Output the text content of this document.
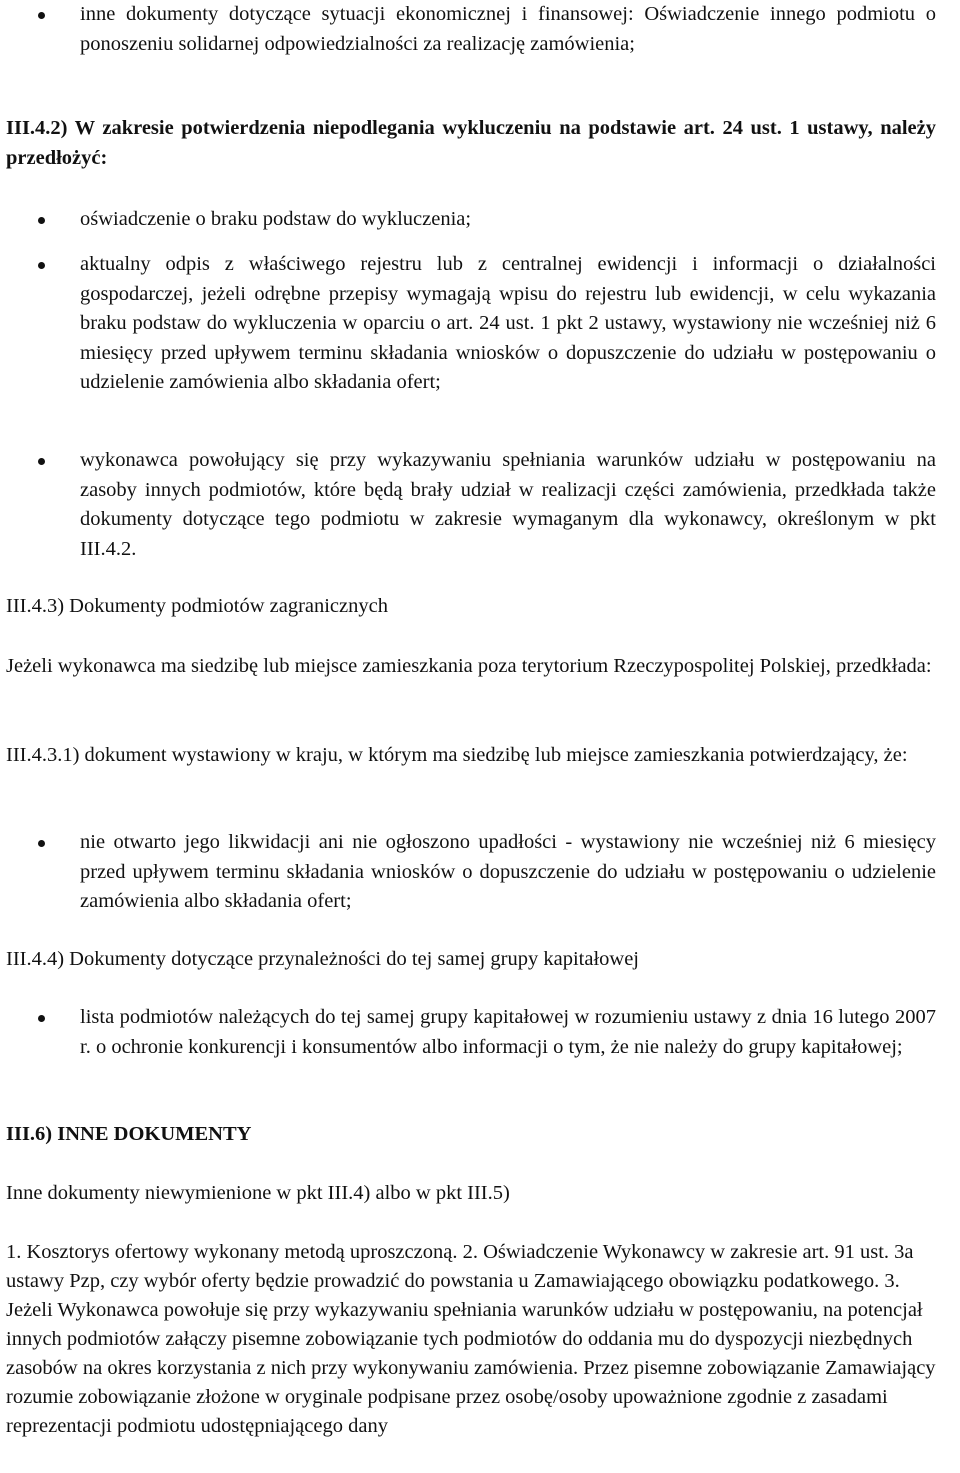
inne dokumenty dotyczące sytuacji ekonomicznej i finansowej: Oświadczenie innego podmiotu o ponoszeniu solidarnej odpowiedzialności za realizację zamówienia;
III.4.2) W zakresie potwierdzenia niepodlegania wykluczeniu na podstawie art. 24 ust. 1 ustawy, należy przedłożyć:
oświadczenie o braku podstaw do wykluczenia;
aktualny odpis z właściwego rejestru lub z centralnej ewidencji i informacji o działalności gospodarczej, jeżeli odrębne przepisy wymagają wpisu do rejestru lub ewidencji, w celu wykazania braku podstaw do wykluczenia w oparciu o art. 24 ust. 1 pkt 2 ustawy, wystawiony nie wcześniej niż 6 miesięcy przed upływem terminu składania wniosków o dopuszczenie do udziału w postępowaniu o udzielenie zamówienia albo składania ofert;
wykonawca powołujący się przy wykazywaniu spełniania warunków udziału w postępowaniu na zasoby innych podmiotów, które będą brały udział w realizacji części zamówienia, przedkłada także dokumenty dotyczące tego podmiotu w zakresie wymaganym dla wykonawcy, określonym w pkt III.4.2.
III.4.3) Dokumenty podmiotów zagranicznych
Jeżeli wykonawca ma siedzibę lub miejsce zamieszkania poza terytorium Rzeczypospolitej Polskiej, przedkłada:
III.4.3.1) dokument wystawiony w kraju, w którym ma siedzibę lub miejsce zamieszkania potwierdzający, że:
nie otwarto jego likwidacji ani nie ogłoszono upadłości - wystawiony nie wcześniej niż 6 miesięcy przed upływem terminu składania wniosków o dopuszczenie do udziału w postępowaniu o udzielenie zamówienia albo składania ofert;
III.4.4) Dokumenty dotyczące przynależności do tej samej grupy kapitałowej
lista podmiotów należących do tej samej grupy kapitałowej w rozumieniu ustawy z dnia 16 lutego 2007 r. o ochronie konkurencji i konsumentów albo informacji o tym, że nie należy do grupy kapitałowej;
III.6) INNE DOKUMENTY
Inne dokumenty niewymienione w pkt III.4) albo w pkt III.5)
1. Kosztorys ofertowy wykonany metodą uproszczoną. 2. Oświadczenie Wykonawcy w zakresie art. 91 ust. 3a ustawy Pzp, czy wybór oferty będzie prowadzić do powstania u Zamawiającego obowiązku podatkowego. 3. Jeżeli Wykonawca powołuje się przy wykazywaniu spełniania warunków udziału w postępowaniu, na potencjał innych podmiotów załączy pisemne zobowiązanie tych podmiotów do oddania mu do dyspozycji niezbędnych zasobów na okres korzystania z nich przy wykonywaniu zamówienia. Przez pisemne zobowiązanie Zamawiający rozumie zobowiązanie złożone w oryginale podpisane przez osobę/osoby upoważnione zgodnie z zasadami reprezentacji podmiotu udostępniającego dany
